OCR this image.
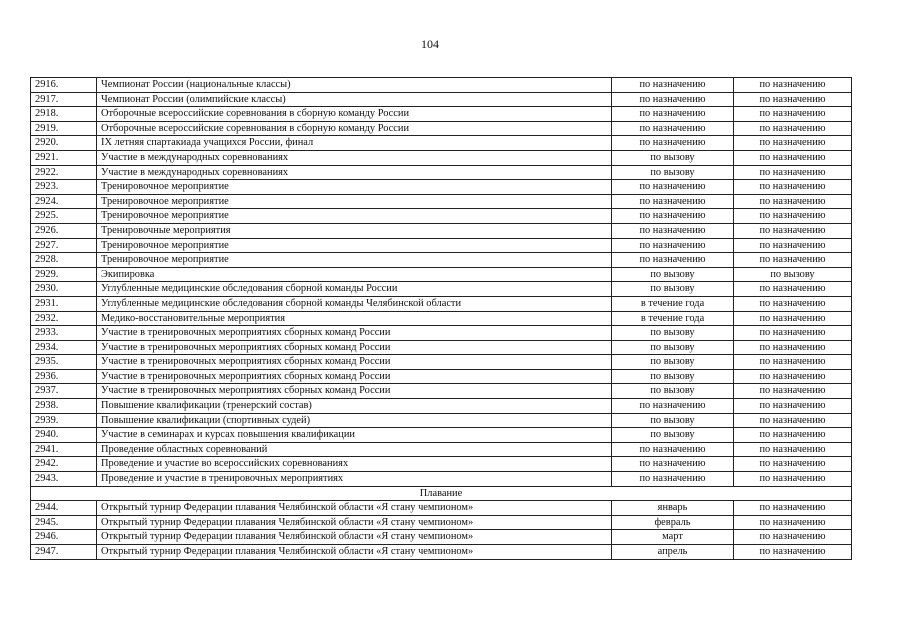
104
2916.	Чемпионат России (национальные классы)	по назначению	по назначению
2917.	Чемпионат России (олимпийские классы)	по назначению	по назначению
2918.	Отборочные всероссийские соревнования в сборную команду России	по назначению	по назначению
2919.	Отборочные всероссийские соревнования в сборную команду России	по назначению	по назначению
2920.	IX летняя спартакиада учащихся России, финал	по назначению	по назначению
2921.	Участие в международных соревнованиях	по вызову	по назначению
2922.	Участие в международных соревнованиях	по вызову	по назначению
2923.	Тренировочное мероприятие	по назначению	по назначению
2924.	Тренировочное мероприятие	по назначению	по назначению
2925.	Тренировочное мероприятие	по назначению	по назначению
2926.	Тренировочные мероприятия	по назначению	по назначению
2927.	Тренировочное мероприятие	по назначению	по назначению
2928.	Тренировочное мероприятие	по назначению	по назначению
2929.	Экипировка	по вызову	по вызову
2930.	Углубленные медицинские обследования сборной команды России	по вызову	по назначению
2931.	Углубленные медицинские обследования сборной команды Челябинской области	в течение года	по назначению
2932.	Медико-восстановительные мероприятия	в течение года	по назначению
2933.	Участие в тренировочных мероприятиях сборных команд России	по вызову	по назначению
2934.	Участие в тренировочных мероприятиях сборных команд России	по вызову	по назначению
2935.	Участие в тренировочных мероприятиях сборных команд России	по вызову	по назначению
2936.	Участие в тренировочных мероприятиях сборных команд России	по вызову	по назначению
2937.	Участие в тренировочных мероприятиях сборных команд России	по вызову	по назначению
2938.	Повышение квалификации (тренерский состав)	по назначению	по назначению
2939.	Повышение квалификации (спортивных судей)	по вызову	по назначению
2940.	Участие в семинарах и курсах повышения квалификации	по вызову	по назначению
2941.	Проведение областных соревнований	по назначению	по назначению
2942.	Проведение и участие во всероссийских соревнованиях	по назначению	по назначению
2943.	Проведение и участие в тренировочных мероприятиях	по назначению	по назначению
Плавание			
2944.	Открытый турнир Федерации плавания Челябинской области «Я стану чемпионом»	январь	по назначению
2945.	Открытый турнир Федерации плавания Челябинской области «Я стану чемпионом»	февраль	по назначению
2946.	Открытый турнир Федерации плавания Челябинской области «Я стану чемпионом»	март	по назначению
2947.	Открытый турнир Федерации плавания Челябинской области «Я стану чемпионом»	апрель	по назначению
